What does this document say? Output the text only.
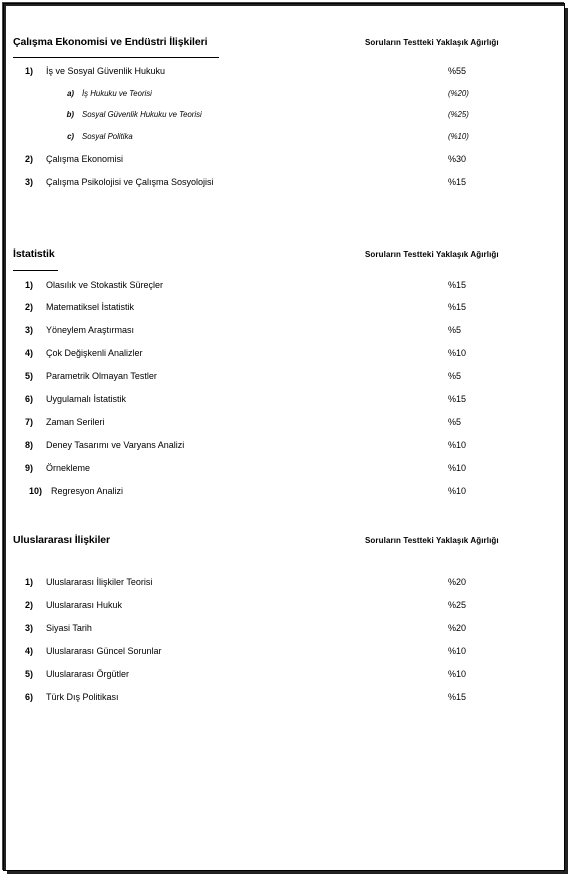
Çalışma Ekonomisi ve Endüstri İlişkileri	Soruların Testteki Yaklaşık Ağırlığı
1) İş ve Sosyal Güvenlik Hukuku	%55
a) İş Hukuku ve Teorisi	(%20)
b) Sosyal Güvenlik Hukuku ve Teorisi	(%25)
c) Sosyal Politika	(%10)
2) Çalışma Ekonomisi	%30
3) Çalışma Psikolojisi ve Çalışma Sosyolojisi	%15
İstatistik	Soruların Testteki Yaklaşık Ağırlığı
1) Olasılık ve Stokastik Süreçler	%15
2) Matematiksel İstatistik	%15
3) Yöneylem Araştırması	%5
4) Çok Değişkenli Analizler	%10
5) Parametrik Olmayan Testler	%5
6) Uygulamalı İstatistik	%15
7) Zaman Serileri	%5
8) Deney Tasarımı ve Varyans Analizi	%10
9) Örnekleme	%10
10) Regresyon Analizi	%10
Uluslararası İlişkiler	Soruların Testteki Yaklaşık Ağırlığı
1) Uluslararası İlişkiler Teorisi	%20
2) Uluslararası Hukuk	%25
3) Siyasi Tarih	%20
4) Uluslararası Güncel Sorunlar	%10
5) Uluslararası Örgütler	%10
6) Türk Dış Politikası	%15
